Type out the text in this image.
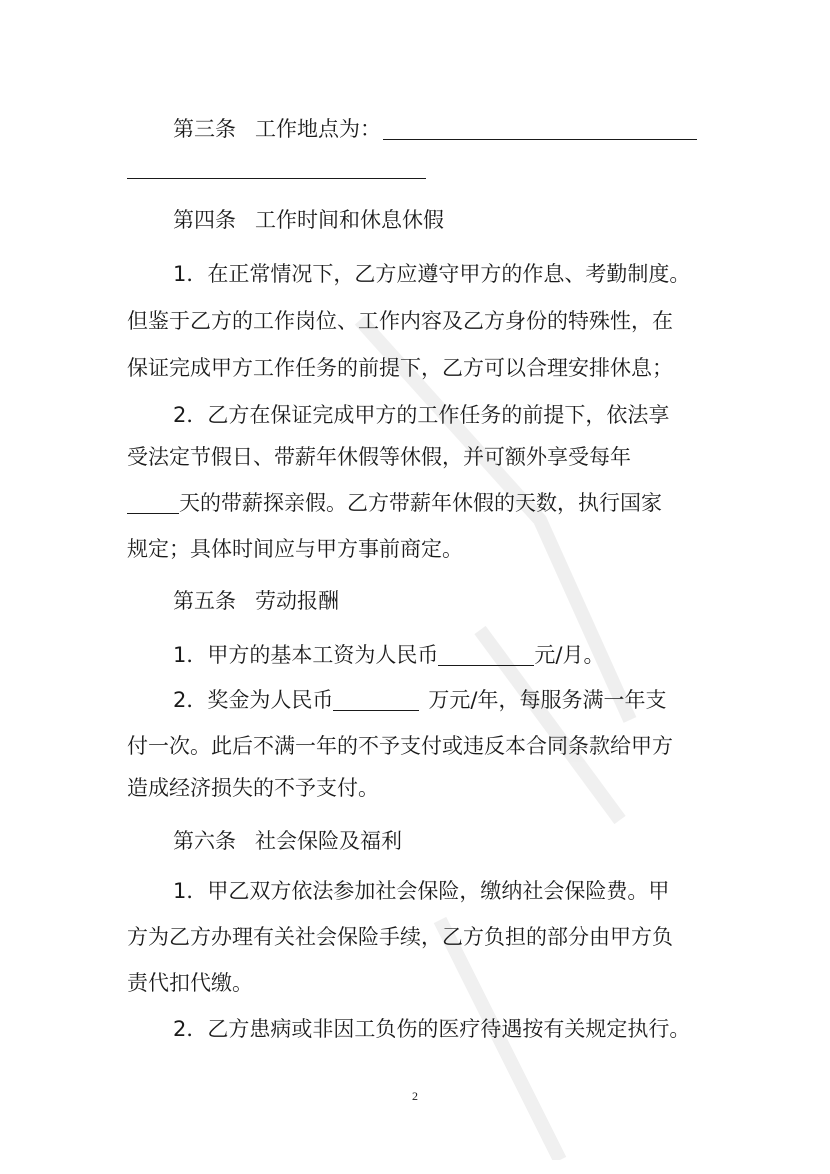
第三条 工作地点为：
第四条 工作时间和休息休假
1．在正常情况下，乙方应遵守甲方的作息、考勤制度。
但鉴于乙方的工作岗位、工作内容及乙方身份的特殊性，在
保证完成甲方工作任务的前提下，乙方可以合理安排休息；
2．乙方在保证完成甲方的工作任务的前提下，依法享
受法定节假日、带薪年休假等休假，并可额外享受每年
天的带薪探亲假。乙方带薪年休假的天数，执行国家
规定；具体时间应与甲方事前商定。
第五条 劳动报酬
1．甲方的基本工资为人民币	元/月。
2．奖金为人民币	万元/年，每服务满一年支
付一次。此后不满一年的不予支付或违反本合同条款给甲方
造成经济损失的不予支付。
第六条 社会保险及福利
1．甲乙双方依法参加社会保险，缴纳社会保险费。甲
方为乙方办理有关社会保险手续，乙方负担的部分由甲方负
责代扣代缴。
2．乙方患病或非因工负伤的医疗待遇按有关规定执行。
2
